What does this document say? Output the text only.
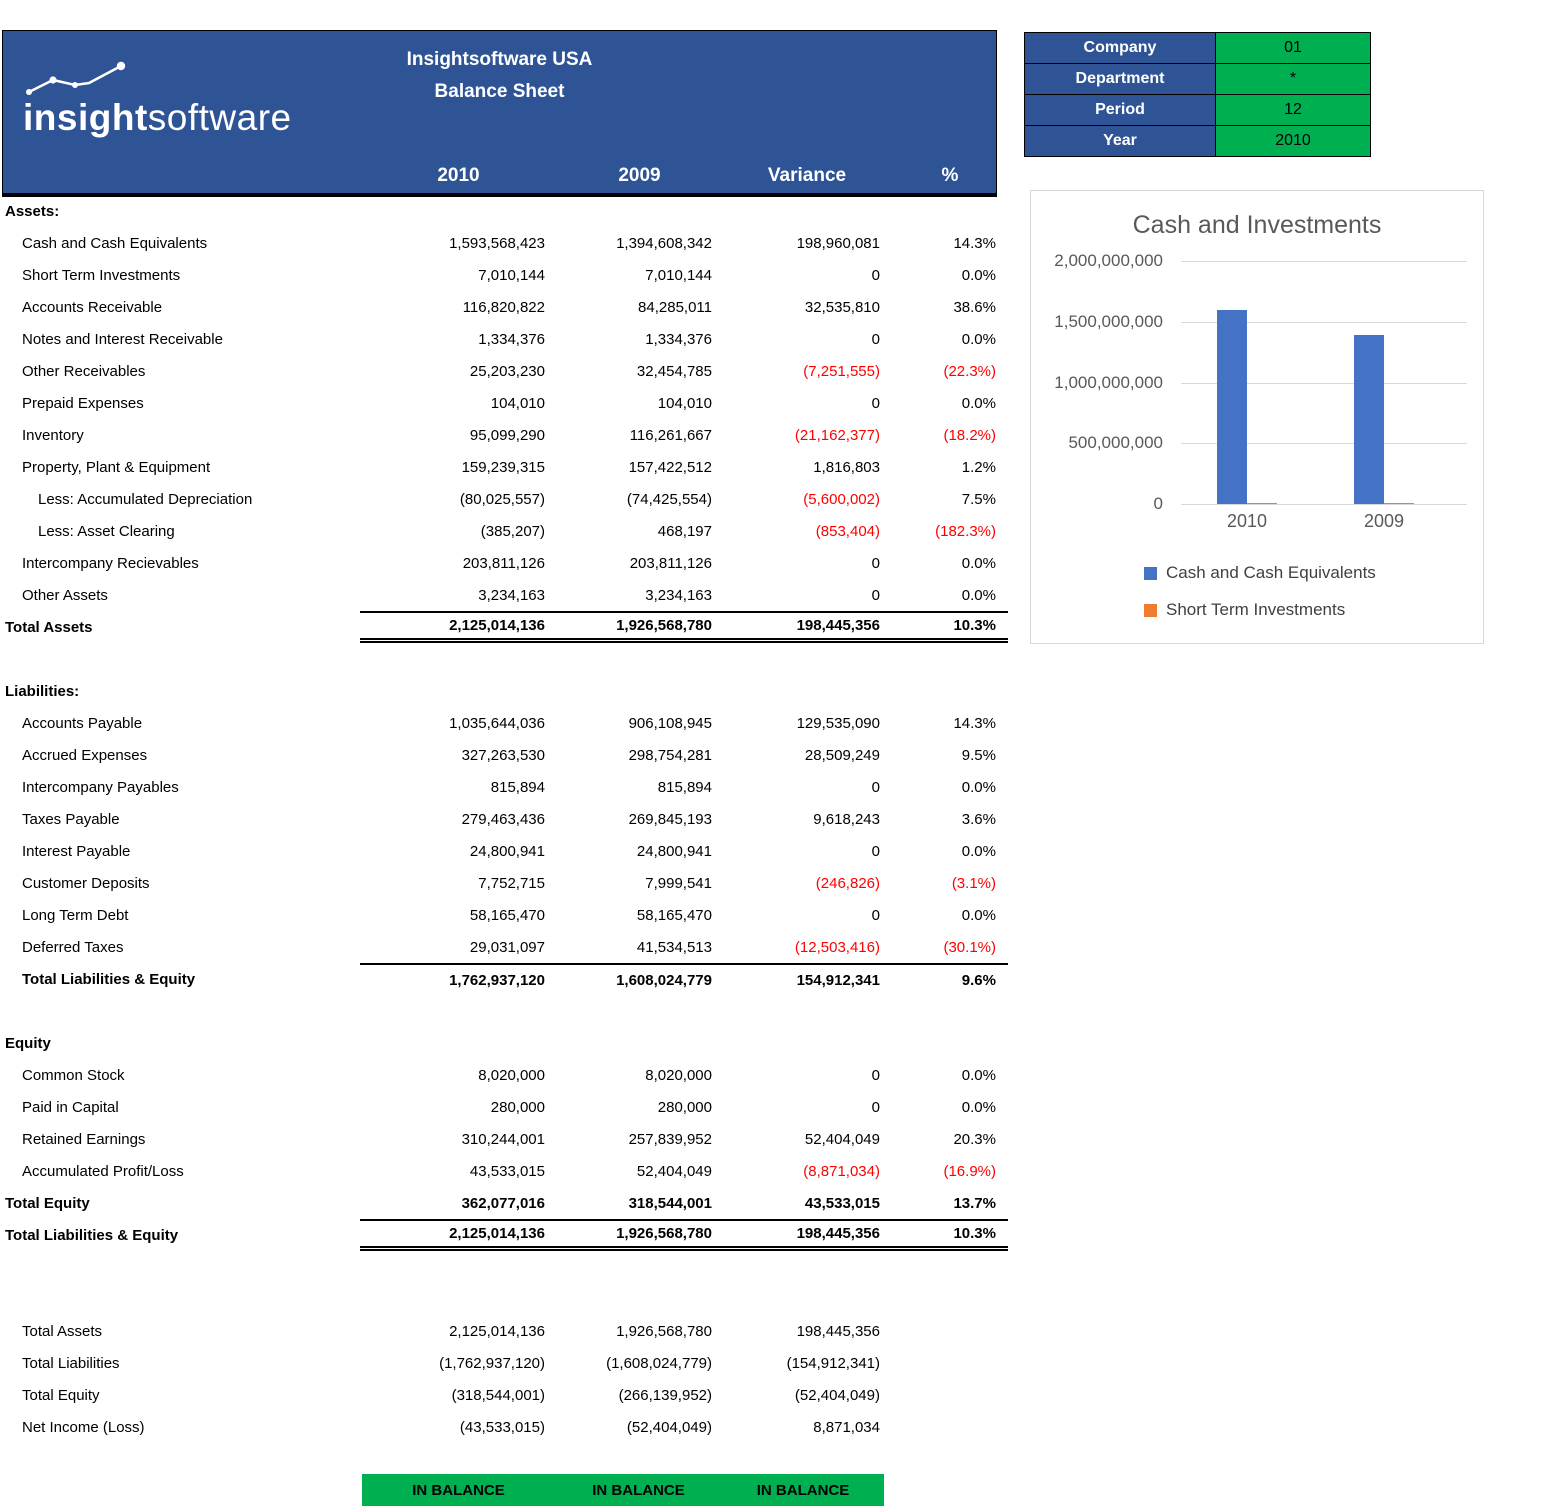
insightsoftware
Insightsoftware USA
Balance Sheet
2010	2009	Variance	%
Company	01
Department	*
Period	12
Year	2010
Assets:
Cash and Cash Equivalents	1,593,568,423	1,394,608,342	198,960,081	14.3%
Short Term Investments	7,010,144	7,010,144	0	0.0%
Accounts Receivable	116,820,822	84,285,011	32,535,810	38.6%
Notes and Interest Receivable	1,334,376	1,334,376	0	0.0%
Other Receivables	25,203,230	32,454,785	(7,251,555)	(22.3%)
Prepaid Expenses	104,010	104,010	0	0.0%
Inventory	95,099,290	116,261,667	(21,162,377)	(18.2%)
Property, Plant & Equipment	159,239,315	157,422,512	1,816,803	1.2%
Less: Accumulated Depreciation	(80,025,557)	(74,425,554)	(5,600,002)	7.5%
Less: Asset Clearing	(385,207)	468,197	(853,404)	(182.3%)
Intercompany Recievables	203,811,126	203,811,126	0	0.0%
Other Assets	3,234,163	3,234,163	0	0.0%
Total Assets	2,125,014,136	1,926,568,780	198,445,356	10.3%
Liabilities:
Accounts Payable	1,035,644,036	906,108,945	129,535,090	14.3%
Accrued Expenses	327,263,530	298,754,281	28,509,249	9.5%
Intercompany Payables	815,894	815,894	0	0.0%
Taxes Payable	279,463,436	269,845,193	9,618,243	3.6%
Interest Payable	24,800,941	24,800,941	0	0.0%
Customer Deposits	7,752,715	7,999,541	(246,826)	(3.1%)
Long Term Debt	58,165,470	58,165,470	0	0.0%
Deferred Taxes	29,031,097	41,534,513	(12,503,416)	(30.1%)
Total Liabilities & Equity	1,762,937,120	1,608,024,779	154,912,341	9.6%
Equity
Common Stock	8,020,000	8,020,000	0	0.0%
Paid in Capital	280,000	280,000	0	0.0%
Retained Earnings	310,244,001	257,839,952	52,404,049	20.3%
Accumulated Profit/Loss	43,533,015	52,404,049	(8,871,034)	(16.9%)
Total Equity	362,077,016	318,544,001	43,533,015	13.7%
Total Liabilities & Equity	2,125,014,136	1,926,568,780	198,445,356	10.3%
Total Assets	2,125,014,136	1,926,568,780	198,445,356
Total Liabilities	(1,762,937,120)	(1,608,024,779)	(154,912,341)
Total Equity	(318,544,001)	(266,139,952)	(52,404,049)
Net Income (Loss)	(43,533,015)	(52,404,049)	8,871,034
IN BALANCE	IN BALANCE	IN BALANCE
Cash and Investments
2,000,000,000
1,500,000,000
1,000,000,000
500,000,000
0
2010	2009
Cash and Cash Equivalents
Short Term Investments
